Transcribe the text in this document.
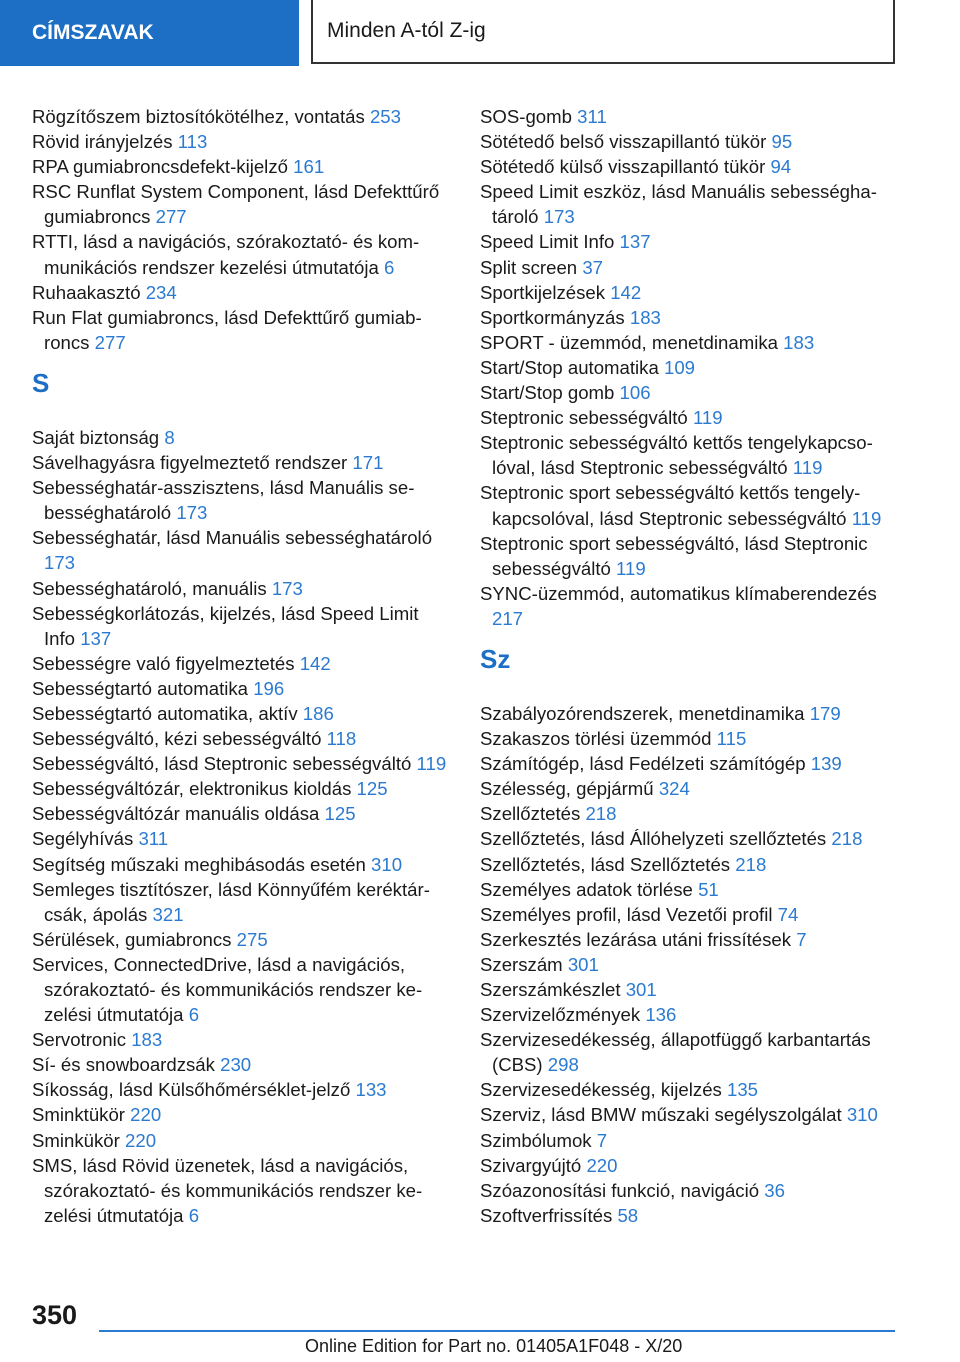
CÍMSZAVAK	Minden A-tól Z-ig
Rögzítőszem biztosítókötélhez, vontatás 253
Rövid irányjelzés 113
RPA gumiabroncsdefekt-kijelző 161
RSC Runflat System Component, lásd Defekttűrő gumiabroncs 277
RTTI, lásd a navigációs, szórakoztató- és kommunikációs rendszer kezelési útmutatója 6
Ruhaakasztó 234
Run Flat gumiabroncs, lásd Defekttűrő gumiabroncs 277
S
Saját biztonság 8
Sávelhagyásra figyelmeztető rendszer 171
Sebességhatár-asszisztens, lásd Manuális sebességhatároló 173
Sebességhatár, lásd Manuális sebességhatároló 173
Sebességhatároló, manuális 173
Sebességkorlátozás, kijelzés, lásd Speed Limit Info 137
Sebességre való figyelmeztetés 142
Sebességtartó automatika 196
Sebességtartó automatika, aktív 186
Sebességváltó, kézi sebességváltó 118
Sebességváltó, lásd Steptronic sebességváltó 119
Sebességváltózár, elektronikus kioldás 125
Sebességváltózár manuális oldása 125
Segélyhívás 311
Segítség műszaki meghibásodás esetén 310
Semleges tisztítószer, lásd Könnyűfém keréktárcsák, ápolás 321
Sérülések, gumiabroncs 275
Services, ConnectedDrive, lásd a navigációs, szórakoztató- és kommunikációs rendszer kezelési útmutatója 6
Servotronic 183
Sí- és snowboardzsák 230
Síkosság, lásd Külsőhőmérséklet-jelző 133
Sminktükör 220
Sminkükör 220
SMS, lásd Rövid üzenetek, lásd a navigációs, szórakoztató- és kommunikációs rendszer kezelési útmutatója 6
SOS-gomb 311
Sötétedő belső visszapillantó tükör 95
Sötétedő külső visszapillantó tükör 94
Speed Limit eszköz, lásd Manuális sebességhatároló 173
Speed Limit Info 137
Split screen 37
Sportkijelzések 142
Sportkormányzás 183
SPORT - üzemmód, menetdinamika 183
Start/Stop automatika 109
Start/Stop gomb 106
Steptronic sebességváltó 119
Steptronic sebességváltó kettős tengelykapcsolóval, lásd Steptronic sebességváltó 119
Steptronic sport sebességváltó kettős tengelykapcsolóval, lásd Steptronic sebességváltó 119
Steptronic sport sebességváltó, lásd Steptronic sebességváltó 119
SYNC-üzemmód, automatikus klímaberendezés 217
Sz
Szabályozórendszerek, menetdinamika 179
Szakaszos törlési üzemmód 115
Számítógép, lásd Fedélzeti számítógép 139
Szélesség, gépjármű 324
Szellőztetés 218
Szellőztetés, lásd Állóhelyzeti szellőztetés 218
Szellőztetés, lásd Szellőztetés 218
Személyes adatok törlése 51
Személyes profil, lásd Vezetői profil 74
Szerkesztés lezárása utáni frissítések 7
Szerszám 301
Szerszámkészlet 301
Szervizelőzmények 136
Szervizesedékesség, állapotfüggő karbantartás (CBS) 298
Szervizesedékesség, kijelzés 135
Szerviz, lásd BMW műszaki segélyszolgálat 310
Szimbólumok 7
Szivargyújtó 220
Szóazonosítási funkció, navigáció 36
Szoftverfrissítés 58
350
Online Edition for Part no. 01405A1F048 - X/20
